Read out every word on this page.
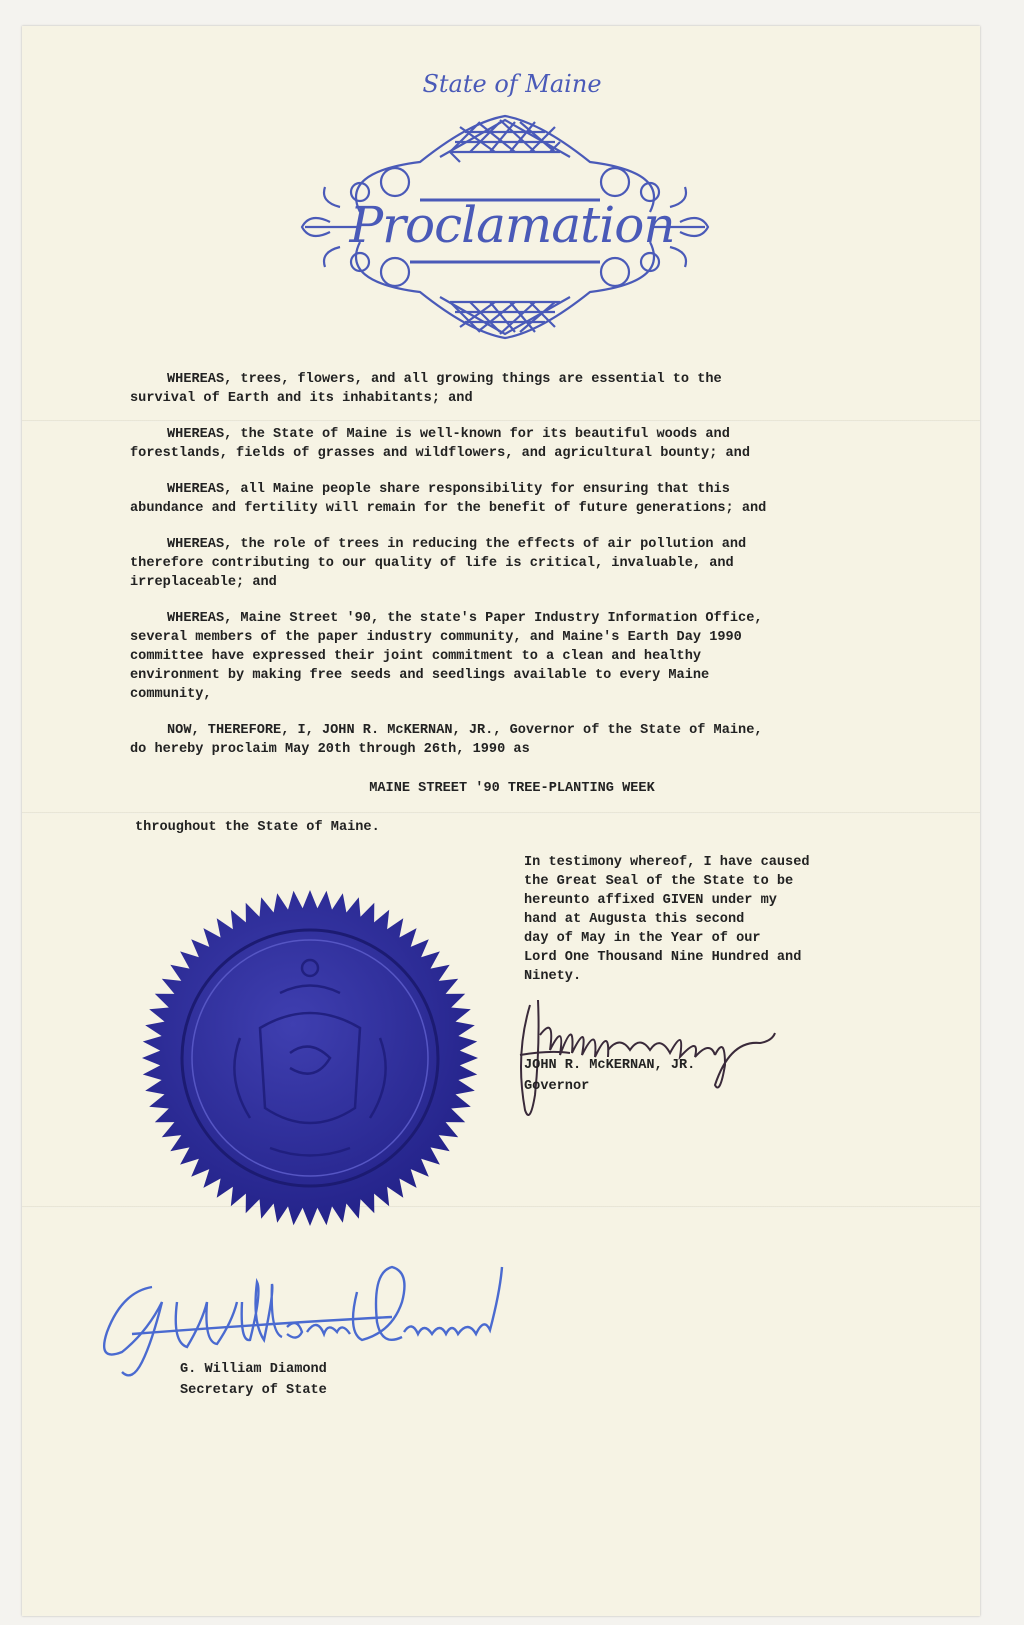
State of Maine
Proclamation

WHEREAS, trees, flowers, and all growing things are essential to the
survival of Earth and its inhabitants; and

WHEREAS, the State of Maine is well-known for its beautiful woods and
forestlands, fields of grasses and wildflowers, and agricultural bounty; and

WHEREAS, all Maine people share responsibility for ensuring that this
abundance and fertility will remain for the benefit of future generations; and

WHEREAS, the role of trees in reducing the effects of air pollution and
therefore contributing to our quality of life is critical, invaluable, and
irreplaceable; and

WHEREAS, Maine Street '90, the state's Paper Industry Information Office,
several members of the paper industry community, and Maine's Earth Day 1990
committee have expressed their joint commitment to a clean and healthy
environment by making free seeds and seedlings available to every Maine
community,

NOW, THEREFORE, I, JOHN R. McKERNAN, JR., Governor of the State of Maine,
do hereby proclaim May 20th through 26th, 1990 as

MAINE STREET '90 TREE-PLANTING WEEK
throughout the State of Maine.
In testimony whereof, I have caused
the Great Seal of the State to be
hereunto affixed GIVEN under my
hand at Augusta this second
day of May in the Year of our
Lord One Thousand Nine Hundred and
Ninety.
JOHN R. McKERNAN, JR.
Governor
G. William Diamond
Secretary of State
